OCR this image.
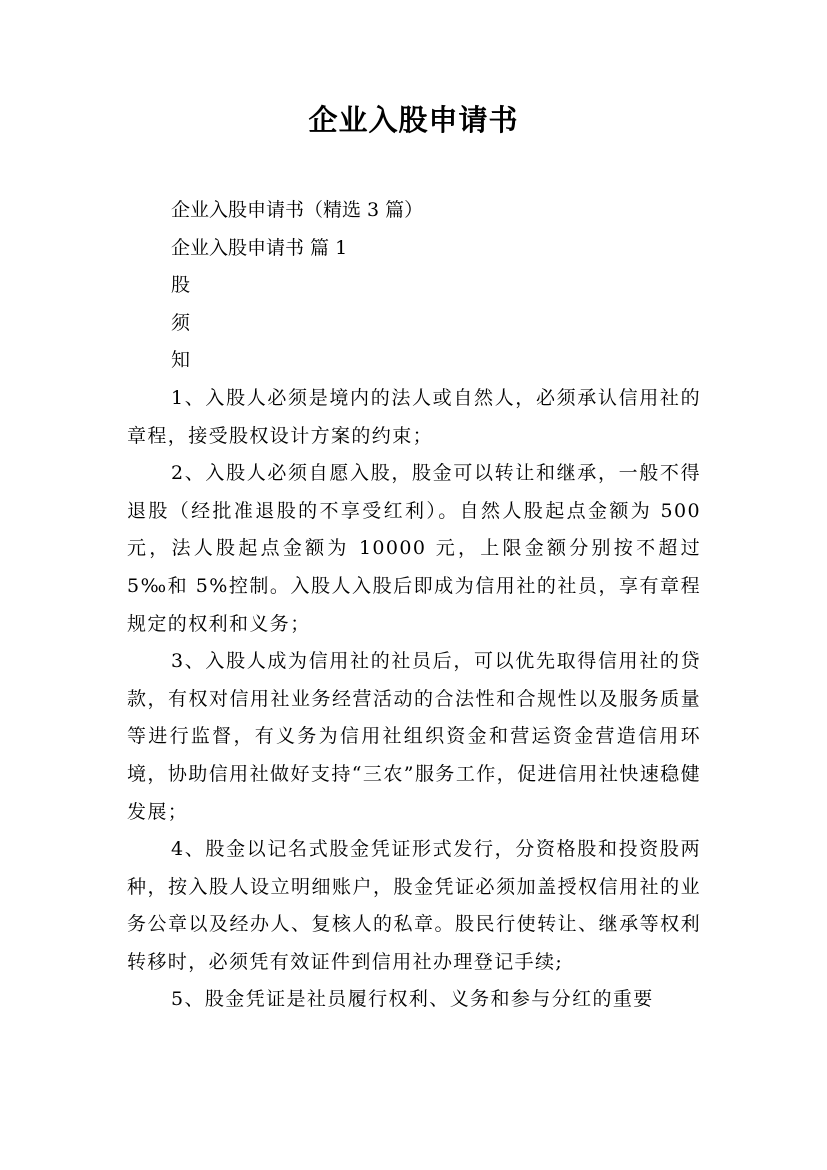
企业入股申请书

企业入股申请书（精选 3 篇）

企业入股申请书 篇 1

股

须

知

1、入股人必须是境内的法人或自然人，必须承认信用社的章程，接受股权设计方案的约束；

2、入股人必须自愿入股，股金可以转让和继承，一般不得退股（经批准退股的不享受红利）。自然人股起点金额为 500 元，法人股起点金额为 10000 元，上限金额分别按不超过 5‰和 5%控制。入股人入股后即成为信用社的社员，享有章程规定的权利和义务；

3、入股人成为信用社的社员后，可以优先取得信用社的贷款，有权对信用社业务经营活动的合法性和合规性以及服务质量等进行监督，有义务为信用社组织资金和营运资金营造信用环境，协助信用社做好支持“三农”服务工作，促进信用社快速稳健发展；

4、股金以记名式股金凭证形式发行，分资格股和投资股两种，按入股人设立明细账户，股金凭证必须加盖授权信用社的业务公章以及经办人、复核人的私章。股民行使转让、继承等权利转移时，必须凭有效证件到信用社办理登记手续;

5、股金凭证是社员履行权利、义务和参与分红的重要
